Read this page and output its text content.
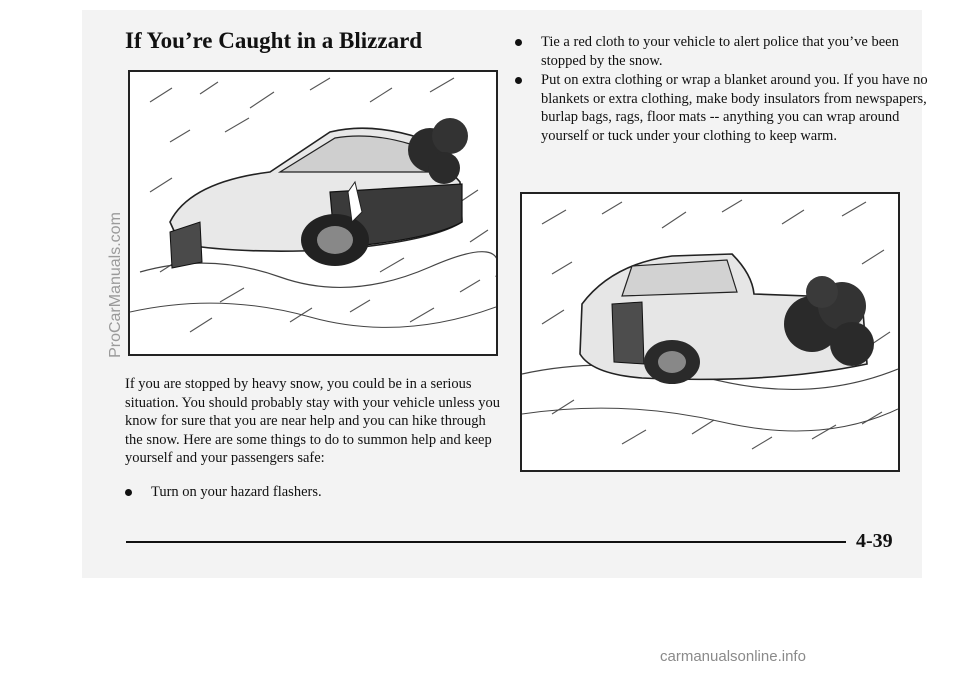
If You’re Caught in a Blizzard

If you are stopped by heavy snow, you could be in a serious situation. You should probably stay with your vehicle unless you know for sure that you are near help and you can hike through the snow. Here are some things to do to summon help and keep yourself and your passengers safe:

Turn on your hazard flashers.

Tie a red cloth to your vehicle to alert police that you’ve been stopped by the snow.

Put on extra clothing or wrap a blanket around you. If you have no blankets or extra clothing, make body insulators from newspapers, burlap bags, rags, floor mats -- anything you can wrap around yourself or tuck under your clothing to keep warm.

4-39

ProCarManuals.com

carmanualsonline.info
